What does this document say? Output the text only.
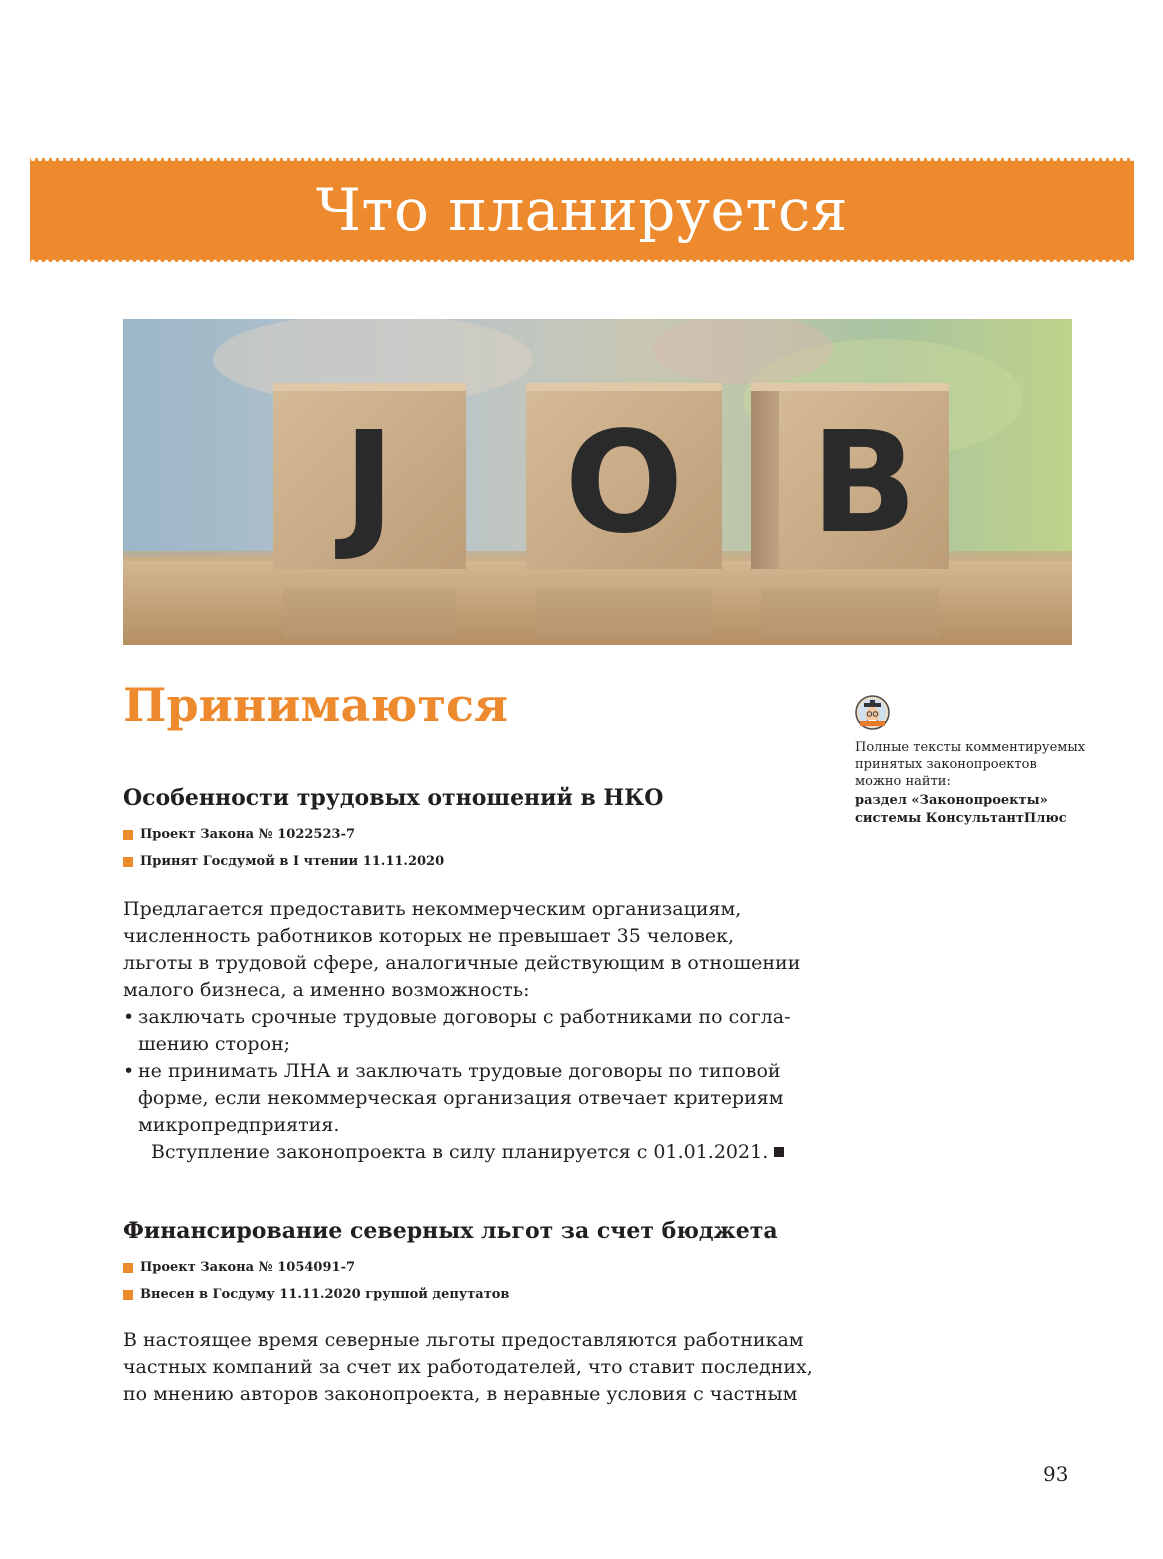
Что планируется
J O B
Принимаются
Особенности трудовых отношений в НКО
Проект Закона № 1022523-7
Принят Госдумой в I чтении 11.11.2020

Предлагается предоставить некоммерческим организациям,
численность работников которых не превышает 35 человек,
льготы в трудовой сфере, аналогичные действующим в отношении
малого бизнеса, а именно возможность:

• заключать срочные трудовые договоры с работниками по согла-
шению сторон;
• не принимать ЛНА и заключать трудовые договоры по типовой
форме, если некоммерческая организация отвечает критериям
микропредприятия.

Вступление законопроекта в силу планируется с 01.01.2021.

Финансирование северных льгот за счет бюджета
Проект Закона № 1054091-7
Внесен в Госдуму 11.11.2020 группой депутатов

В настоящее время северные льготы предоставляются работникам
частных компаний за счет их работодателей, что ставит последних,
по мнению авторов законопроекта, в неравные условия с частным

Полные тексты комментируемых
принятых законопроектов
можно найти:

раздел «Законопроекты»
системы КонсультантПлюс

93
